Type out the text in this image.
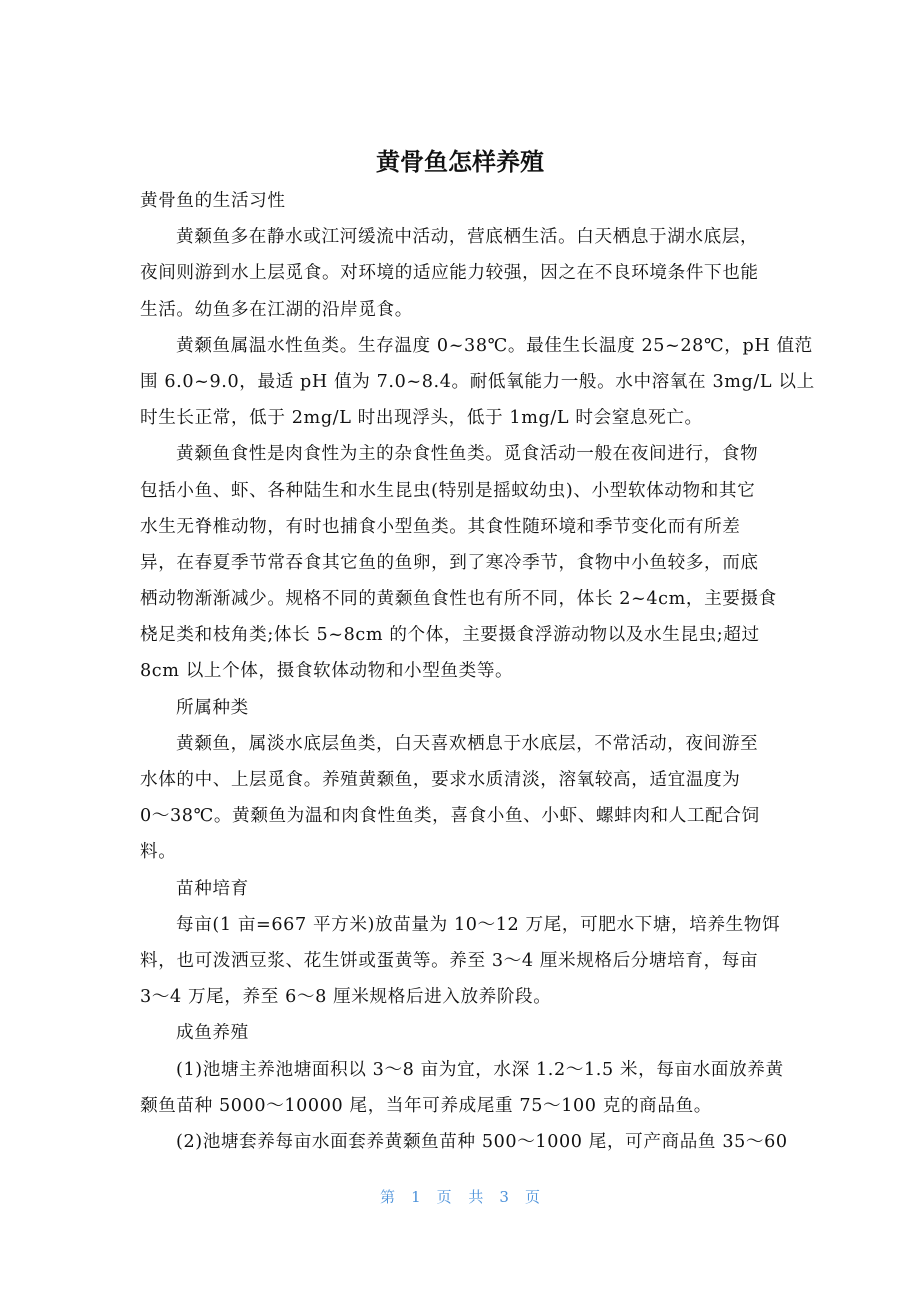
黄骨鱼怎样养殖
黄骨鱼的生活习性
黄颡鱼多在静水或江河缓流中活动，营底栖生活。白天栖息于湖水底层，
夜间则游到水上层觅食。对环境的适应能力较强，因之在不良环境条件下也能
生活。幼鱼多在江湖的沿岸觅食。
黄颡鱼属温水性鱼类。生存温度 0~38℃。最佳生长温度 25~28℃，pH 值范
围 6.0~9.0，最适 pH 值为 7.0~8.4。耐低氧能力一般。水中溶氧在 3mg/L 以上
时生长正常，低于 2mg/L 时出现浮头，低于 1mg/L 时会窒息死亡。
黄颡鱼食性是肉食性为主的杂食性鱼类。觅食活动一般在夜间进行，食物
包括小鱼、虾、各种陆生和水生昆虫(特别是摇蚊幼虫)、小型软体动物和其它
水生无脊椎动物，有时也捕食小型鱼类。其食性随环境和季节变化而有所差
异，在春夏季节常吞食其它鱼的鱼卵，到了寒冷季节，食物中小鱼较多，而底
栖动物渐渐减少。规格不同的黄颡鱼食性也有所不同，体长 2~4cm，主要摄食
桡足类和枝角类;体长 5~8cm 的个体，主要摄食浮游动物以及水生昆虫;超过
8cm 以上个体，摄食软体动物和小型鱼类等。
所属种类
黄颡鱼，属淡水底层鱼类，白天喜欢栖息于水底层，不常活动，夜间游至
水体的中、上层觅食。养殖黄颡鱼，要求水质清淡，溶氧较高，适宜温度为
0～38℃。黄颡鱼为温和肉食性鱼类，喜食小鱼、小虾、螺蚌肉和人工配合饲
料。
苗种培育
每亩(1 亩=667 平方米)放苗量为 10～12 万尾，可肥水下塘，培养生物饵
料，也可泼洒豆浆、花生饼或蛋黄等。养至 3～4 厘米规格后分塘培育，每亩
3～4 万尾，养至 6～8 厘米规格后进入放养阶段。
成鱼养殖
(1)池塘主养池塘面积以 3～8 亩为宜，水深 1.2～1.5 米，每亩水面放养黄
颡鱼苗种 5000～10000 尾，当年可养成尾重 75～100 克的商品鱼。
(2)池塘套养每亩水面套养黄颡鱼苗种 500～1000 尾，可产商品鱼 35～60
第 1 页 共 3 页
